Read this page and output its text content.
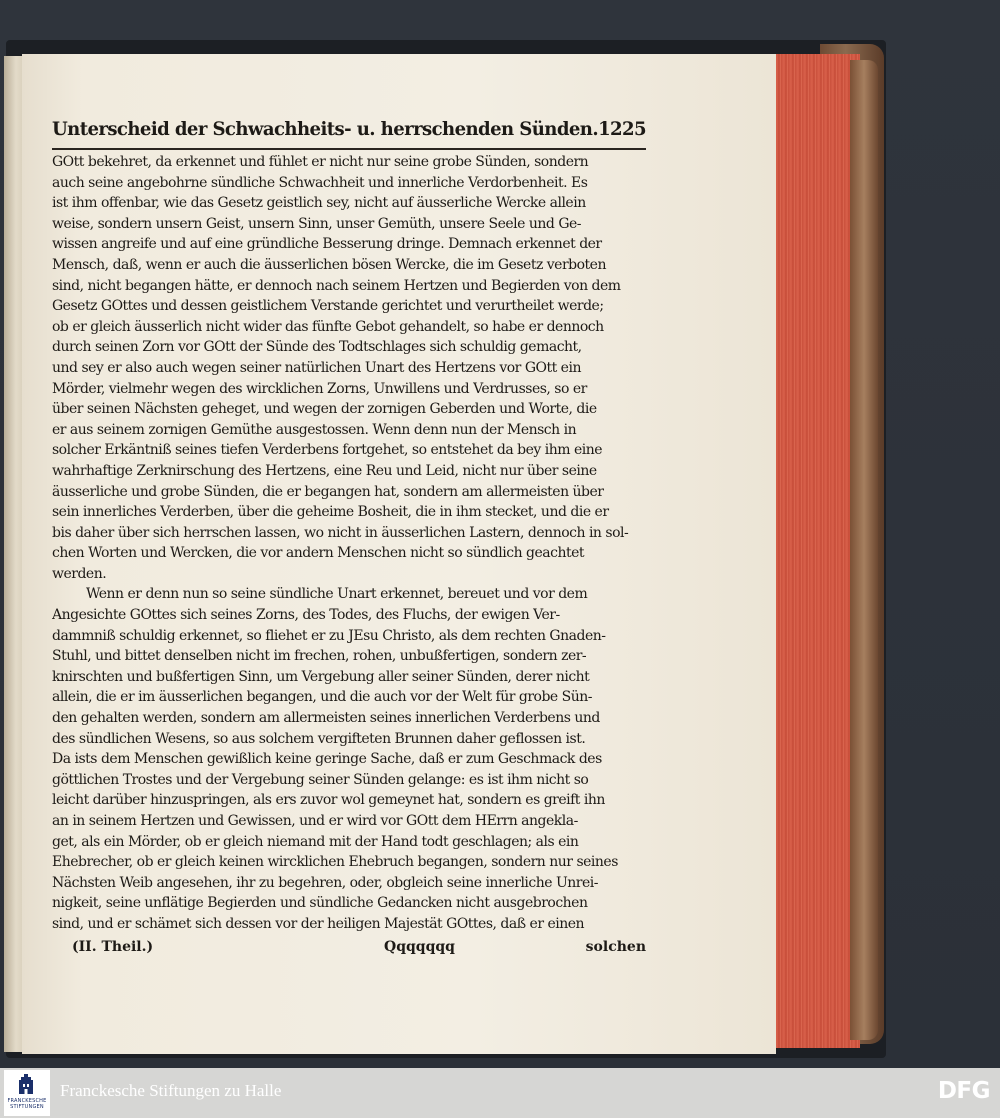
Unterscheid der Schwachheits- u. herrschenden Sünden.1225
GOtt bekehret, da erkennet und fühlet er nicht nur seine grobe Sünden, sondern
auch seine angebohrne sündliche Schwachheit und innerliche Verdorbenheit. Es
ist ihm offenbar, wie das Gesetz geistlich sey, nicht auf äusserliche Wercke allein
weise, sondern unsern Geist, unsern Sinn, unser Gemüth, unsere Seele und Ge-
wissen angreife und auf eine gründliche Besserung dringe. Demnach erkennet der
Mensch, daß, wenn er auch die äusserlichen bösen Wercke, die im Gesetz verboten
sind, nicht begangen hätte, er dennoch nach seinem Hertzen und Begierden von dem
Gesetz GOttes und dessen geistlichem Verstande gerichtet und verurtheilet werde;
ob er gleich äusserlich nicht wider das fünfte Gebot gehandelt, so habe er dennoch
durch seinen Zorn vor GOtt der Sünde des Todtschlages sich schuldig gemacht,
und sey er also auch wegen seiner natürlichen Unart des Hertzens vor GOtt ein
Mörder, vielmehr wegen des wircklichen Zorns, Unwillens und Verdrusses, so er
über seinen Nächsten geheget, und wegen der zornigen Geberden und Worte, die
er aus seinem zornigen Gemüthe ausgestossen. Wenn denn nun der Mensch in
solcher Erkäntniß seines tiefen Verderbens fortgehet, so entstehet da bey ihm eine
wahrhaftige Zerknirschung des Hertzens, eine Reu und Leid, nicht nur über seine
äusserliche und grobe Sünden, die er begangen hat, sondern am allermeisten über
sein innerliches Verderben, über die geheime Bosheit, die in ihm stecket, und die er
bis daher über sich herrschen lassen, wo nicht in äusserlichen Lastern, dennoch in sol-
chen Worten und Wercken, die vor andern Menschen nicht so sündlich geachtet
werden.
Wenn er denn nun so seine sündliche Unart erkennet, bereuet und vor dem
Angesichte GOttes sich seines Zorns, des Todes, des Fluchs, der ewigen Ver-
dammniß schuldig erkennet, so fliehet er zu JEsu Christo, als dem rechten Gnaden-
Stuhl, und bittet denselben nicht im frechen, rohen, unbußfertigen, sondern zer-
knirschten und bußfertigen Sinn, um Vergebung aller seiner Sünden, derer nicht
allein, die er im äusserlichen begangen, und die auch vor der Welt für grobe Sün-
den gehalten werden, sondern am allermeisten seines innerlichen Verderbens und
des sündlichen Wesens, so aus solchem vergifteten Brunnen daher geflossen ist.
Da ists dem Menschen gewißlich keine geringe Sache, daß er zum Geschmack des
göttlichen Trostes und der Vergebung seiner Sünden gelange: es ist ihm nicht so
leicht darüber hinzuspringen, als ers zuvor wol gemeynet hat, sondern es greift ihn
an in seinem Hertzen und Gewissen, und er wird vor GOtt dem HErrn angekla-
get, als ein Mörder, ob er gleich niemand mit der Hand todt geschlagen; als ein
Ehebrecher, ob er gleich keinen wircklichen Ehebruch begangen, sondern nur seines
Nächsten Weib angesehen, ihr zu begehren, oder, obgleich seine innerliche Unrei-
nigkeit, seine unflätige Begierden und sündliche Gedancken nicht ausgebrochen
sind, und er schämet sich dessen vor der heiligen Majestät GOttes, daß er einen
(II. Theil.)	Qqqqqqq	solchen
FRANCKESCHE
STIFTUNGEN
Franckesche Stiftungen zu Halle	DFG
